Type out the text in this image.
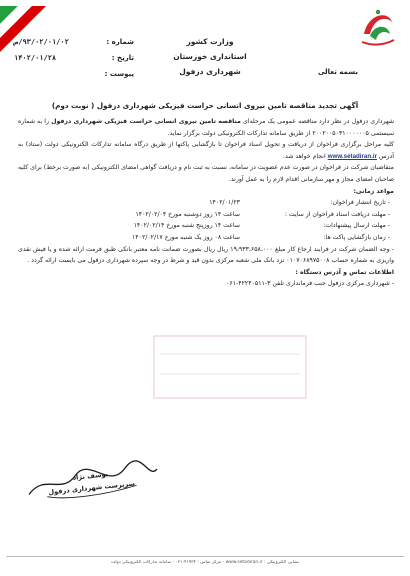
بسمه تعالی
وزارت کشور
استانداری خوزستان
شهرداری دزفول
شماره :
۹۳/۰۲/۰۱/۰۲/ص
تاریخ :
۱۴۰۲/۰۱/۲۸
پیوست :
آگهی تجدید مناقصه تامین نیروی انسانی حراست فیزیکی شهرداری دزفول ( نوبت دوم)

شهرداری دزفول در نظر دارد مناقصه عمومی یک مرحله‌ای مناقصه تامین نیروی انسانی حراست فیزیکی شهرداری دزفول را به شماره سیستمی ۲۰۰۲۰۰۵۰۳۱۰۰۰۰۰۰۵ از طریق سامانه تدارکات الکترونیکی دولت برگزار نماید.

کلیه مراحل برگزاری فراخوان از دریافت و تحویل اسناد فراخوان تا بازگشایی پاکتها از طریق درگاه سامانه تدارکات الکترونیکی دولت (ستاد) به آدرس www.setadiran.ir انجام خواهد شد.

متقاضیان شرکت در فراخوان در صورت عدم عضویت در سامانه، نسبت به ثبت نام و دریافت گواهی امضای الکترونیکی (به صورت برخط) برای کلیه صاحبان امضای مجاز و مهر سازمانی اقدام لازم را به عمل آورند.

مواعد زمانی:

- تاریخ انتشار فراخوان:
۱۴۰۲/۰۱/۲۳
- مهلت دریافت اسناد فراخوان از سایت :
ساعت ۱۴ روز دوشنبه مورخ ۱۴۰۲/۰۲/۰۴
- مهلت ارسال پیشنهادات:
ساعت ۱۴ روزپنج شنبه مورخ ۱۴۰۲/۰۲/۱۴
- زمان بازگشایی پاکت ها:
ساعت ۰۸ روز یک شنبه مورخ ۱۴۰۲/۰۲/۱۷

- وجه الضمان شرکت در فرایند ارجاع کار مبلغ ۱۹،۹۳۳،۶۵۸،۰۰۰ ریال ریال بصورت ضمانت نامه معتبر بانکی طبق فرمت ارائه شده و یا فیش نقدی واریزی به شماره حساب ۰۱۰۷۰۶۸۹۷۵۰۰۸ نزد بانک ملی شعبه مرکزی بدون قید و شرط در وجه سپرده شهرداری دزفول می بایست ارائه گردد .

اطلاعات تماس و آدرس دستگاه :

- شهرداری مرکزی دزفول جنب فرمانداری تلفن ۳-۴۲۲۴۰۵۱۱-۰۶۱

یوسف نژاد
سرپرست شهرداری دزفول
نشانی الکترونیکی : www.setadiran.ir - مرکز تماس : ۴۱۹۳۴-۰۲۱ - سامانه تدارکات الکترونیکی دولت
